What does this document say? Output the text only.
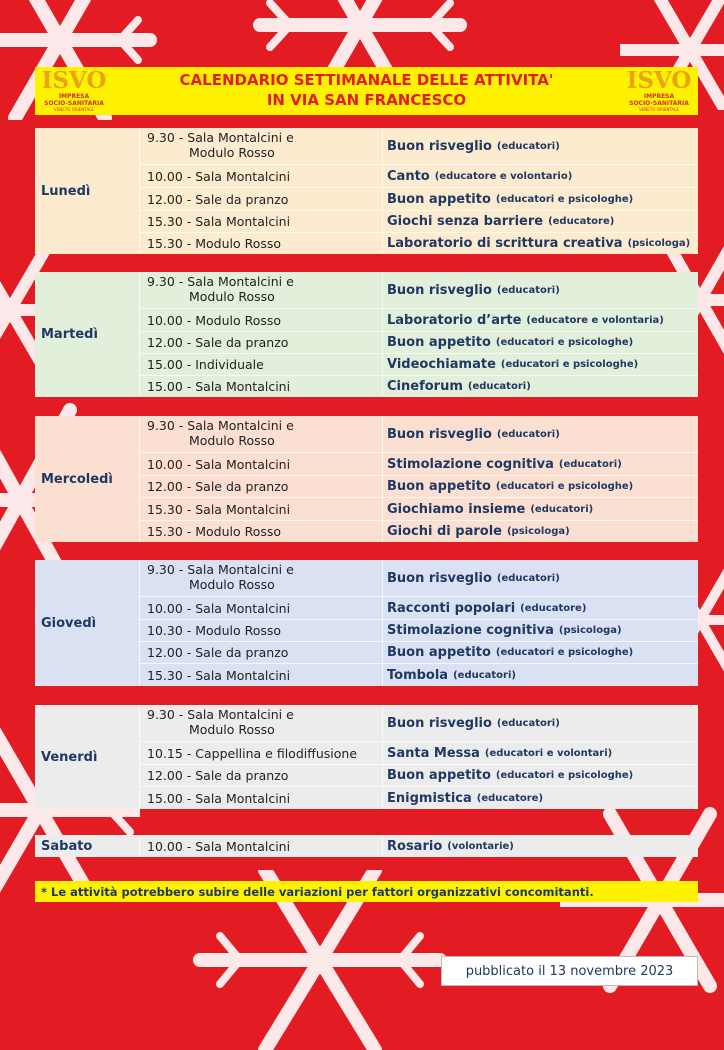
ISVO
IMPRESA
SOCIO-SANITARIA
VENETO ORIENTALE
CALENDARIO SETTIMANALE DELLE ATTIVITA'
IN VIA SAN FRANCESCO
ISVO
IMPRESA
SOCIO-SANITARIA
VENETO ORIENTALE
Lunedì
9.30 - Sala Montalcini e
Modulo Rosso	Buon risveglio (educatori)
10.00 - Sala Montalcini	Canto (educatore e volontario)
12.00 - Sale da pranzo	Buon appetito (educatori e psicologhe)
15.30 - Sala Montalcini	Giochi senza barriere (educatore)
15.30 - Modulo Rosso	Laboratorio di scrittura creativa (psicologa)
Martedì
9.30 - Sala Montalcini e
Modulo Rosso	Buon risveglio (educatori)
10.00 - Modulo Rosso	Laboratorio d’arte (educatore e volontaria)
12.00 - Sale da pranzo	Buon appetito (educatori e psicologhe)
15.00 - Individuale	Videochiamate (educatori e psicologhe)
15.00 - Sala Montalcini	Cineforum (educatori)
Mercoledì
9.30 - Sala Montalcini e
Modulo Rosso	Buon risveglio (educatori)
10.00 - Sala Montalcini	Stimolazione cognitiva (educatori)
12.00 - Sale da pranzo	Buon appetito (educatori e psicologhe)
15.30 - Sala Montalcini	Giochiamo insieme (educatori)
15.30 - Modulo Rosso	Giochi di parole (psicologa)
Giovedì
9.30 - Sala Montalcini e
Modulo Rosso	Buon risveglio (educatori)
10.00 - Sala Montalcini	Racconti popolari (educatore)
10.30 - Modulo Rosso	Stimolazione cognitiva (psicologa)
12.00 - Sale da pranzo	Buon appetito (educatori e psicologhe)
15.30 - Sala Montalcini	Tombola (educatori)
Venerdì
9.30 - Sala Montalcini e
Modulo Rosso	Buon risveglio (educatori)
10.15 - Cappellina e filodiffusione	Santa Messa (educatori e volontari)
12.00 - Sale da pranzo	Buon appetito (educatori e psicologhe)
15.00 - Sala Montalcini	Enigmistica (educatore)
Sabato	10.00 - Sala Montalcini	Rosario (volontarie)
* Le attività potrebbero subire delle variazioni per fattori organizzativi concomitanti.
pubblicato il 13 novembre 2023
